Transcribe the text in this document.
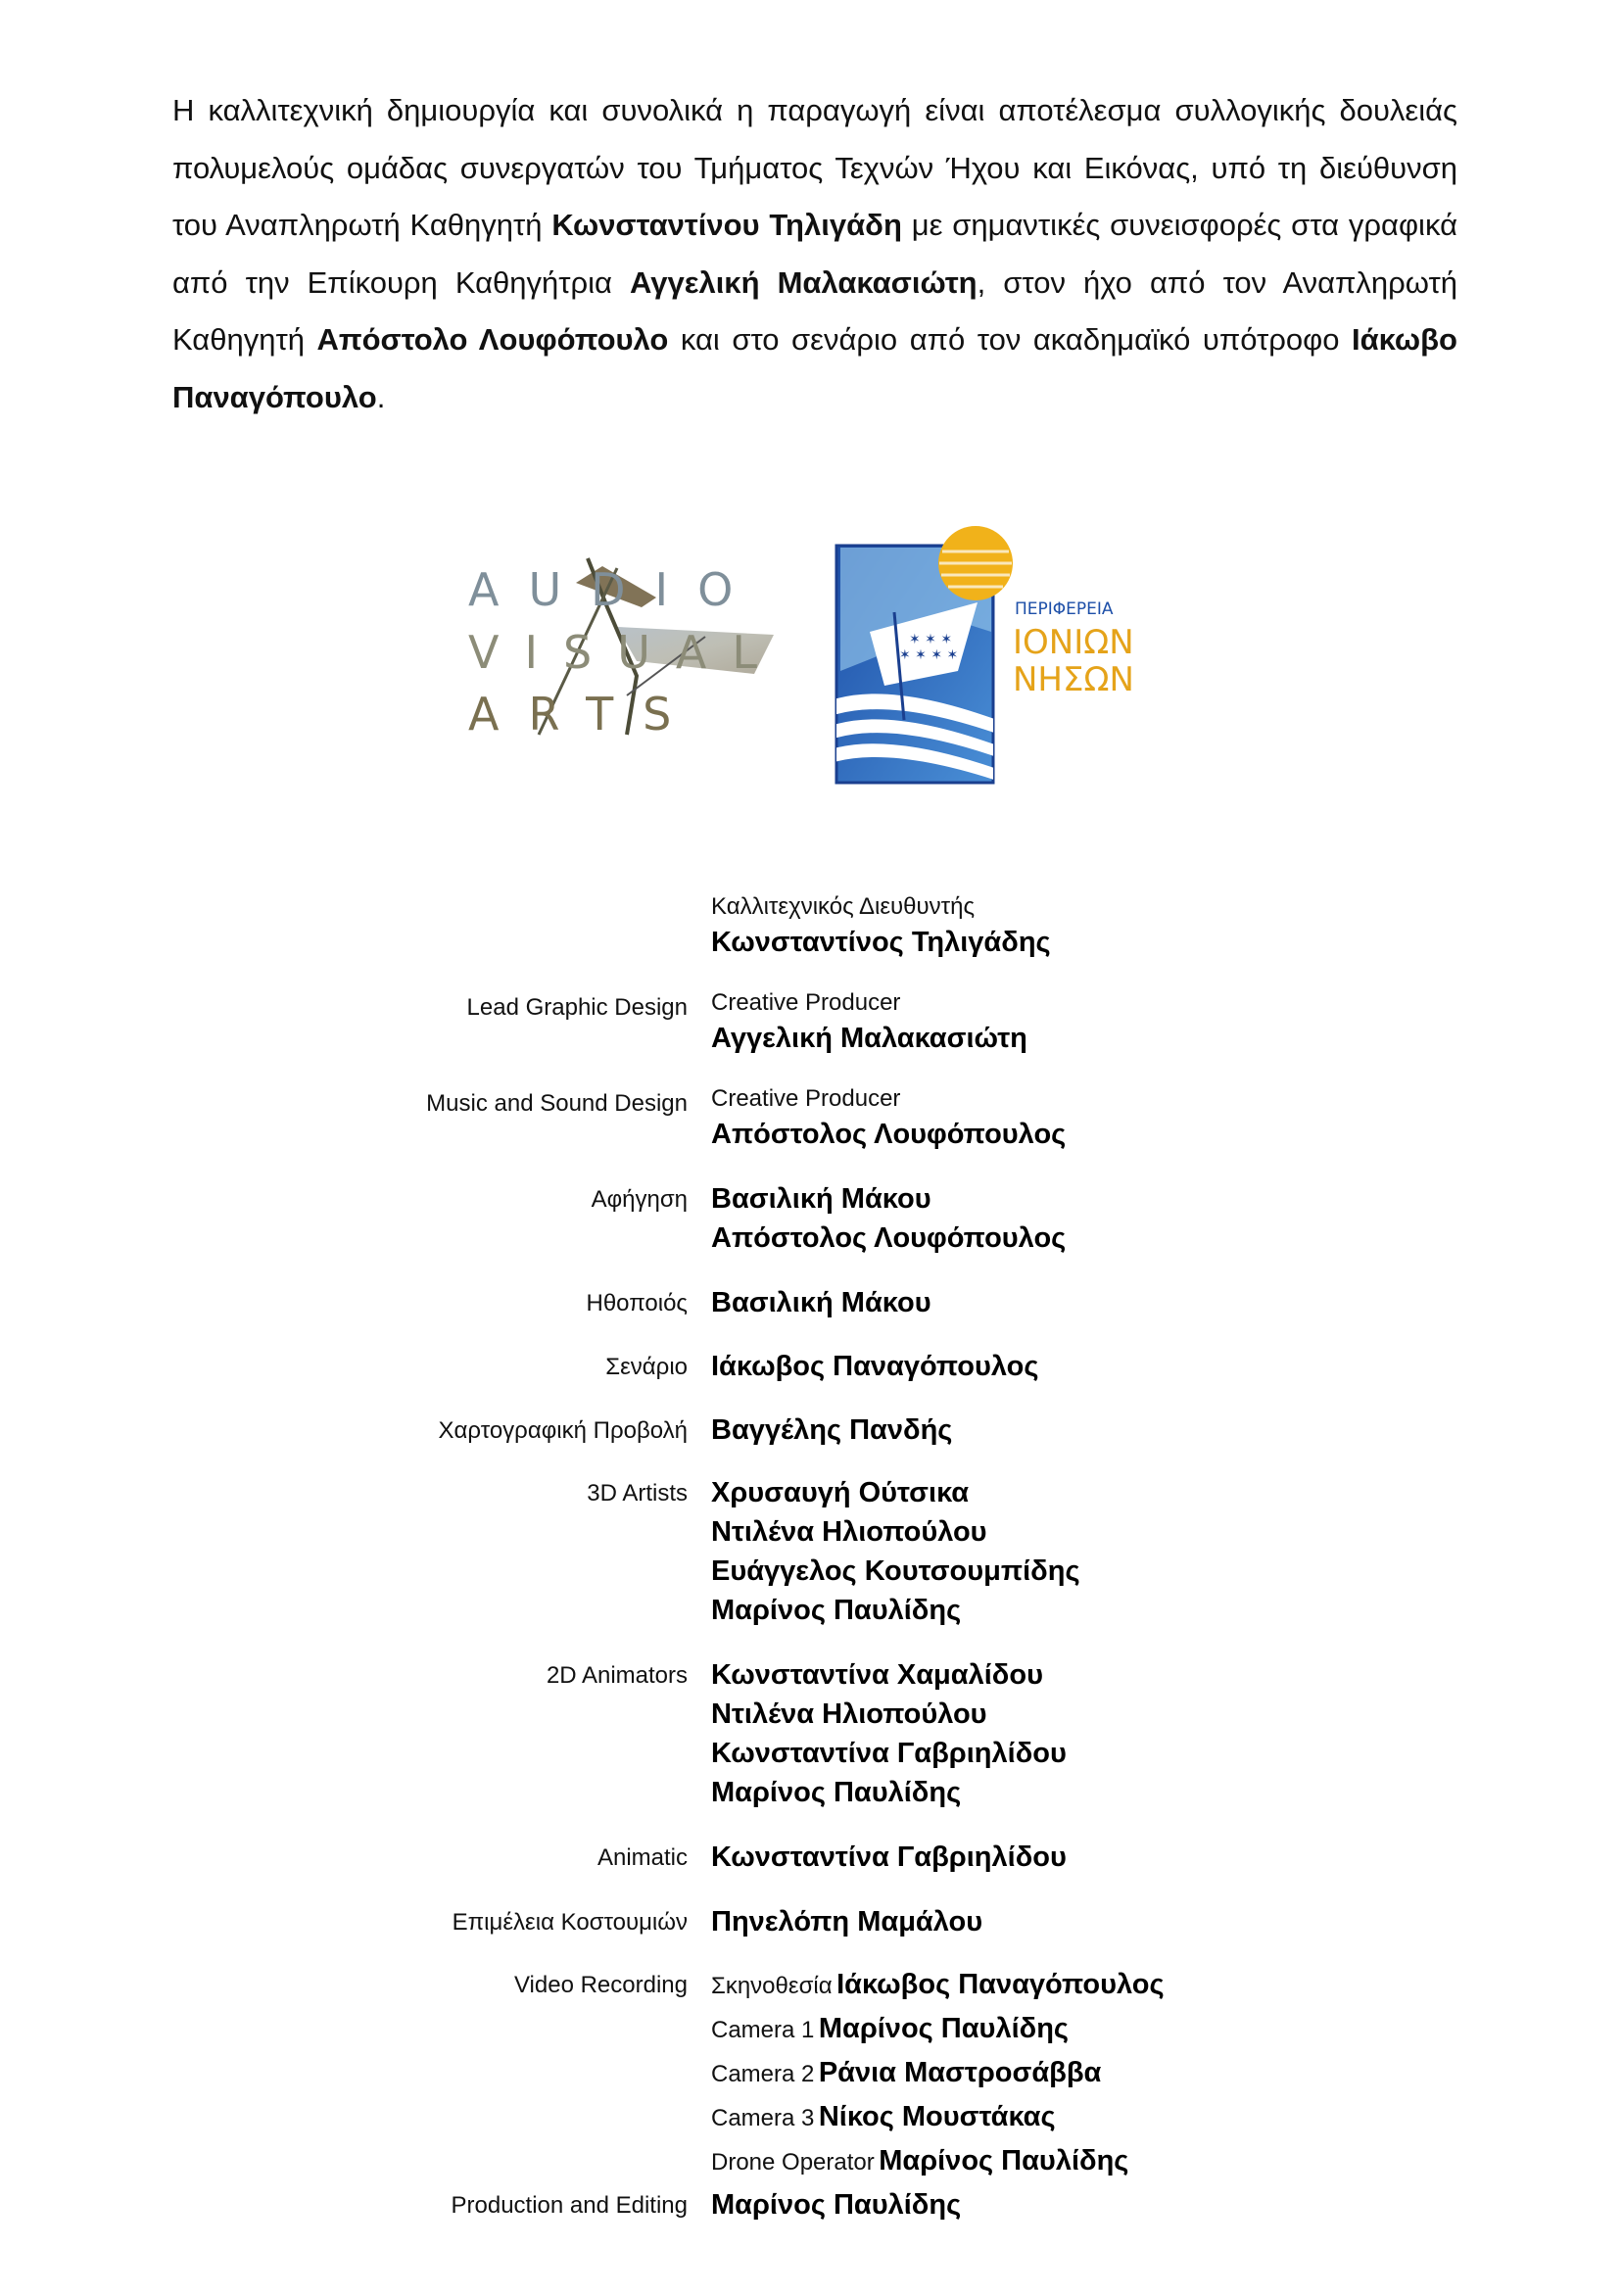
Η καλλιτεχνική δημιουργία και συνολικά η παραγωγή είναι αποτέλεσμα συλλογικής δουλειάς πολυμελούς ομάδας συνεργατών του Τμήματος Τεχνών Ήχου και Εικόνας, υπό τη διεύθυνση του Αναπληρωτή Καθηγητή Κωνσταντίνου Τηλιγάδη με σημαντικές συνεισφορές στα γραφικά από την Επίκουρη Καθηγήτρια Αγγελική Μαλακασιώτη, στον ήχο από τον Αναπληρωτή Καθηγητή Απόστολο Λουφόπουλο και στο σενάριο από τον ακαδημαϊκό υπότροφο Ιάκωβο Παναγόπουλο.
AUDIO
VISUAL
ARTS
✶ ✶ ✶
✶ ✶ ✶ ✶
ΠΕΡΙΦΕΡΕΙΑ
ΙΟΝΙΩΝ
ΝΗΣΩΝ
Καλλιτεχνικός Διευθυντής
Κωνσταντίνος Τηλιγάδης
Lead Graphic Design	Creative Producer
Αγγελική Μαλακασιώτη
Music and Sound Design	Creative Producer
Απόστολος Λουφόπουλος
Αφήγηση Βασιλική Μάκου
Απόστολος Λουφόπουλος
Ηθοποιός Βασιλική Μάκου
Σενάριο Ιάκωβος Παναγόπουλος
Χαρτογραφική Προβολή Βαγγέλης Πανδής
3D Artists Χρυσαυγή Ούτσικα
Ντιλένα Ηλιοπούλου
Ευάγγελος Κουτσουμπίδης
Μαρίνος Παυλίδης
2D Animators Κωνσταντίνα Χαμαλίδου
Ντιλένα Ηλιοπούλου
Κωνσταντίνα Γαβριηλίδου
Μαρίνος Παυλίδης
Animatic Κωνσταντίνα Γαβριηλίδου
Επιμέλεια Κοστουμιών Πηνελόπη Μαμάλου
Video Recording	Σκηνοθεσία Ιάκωβος Παναγόπουλος
Camera 1 Μαρίνος Παυλίδης
Camera 2 Ράνια Μαστροσάββα
Camera 3 Νίκος Μουστάκας
Drone Operator Μαρίνος Παυλίδης
Production and Editing Μαρίνος Παυλίδης
